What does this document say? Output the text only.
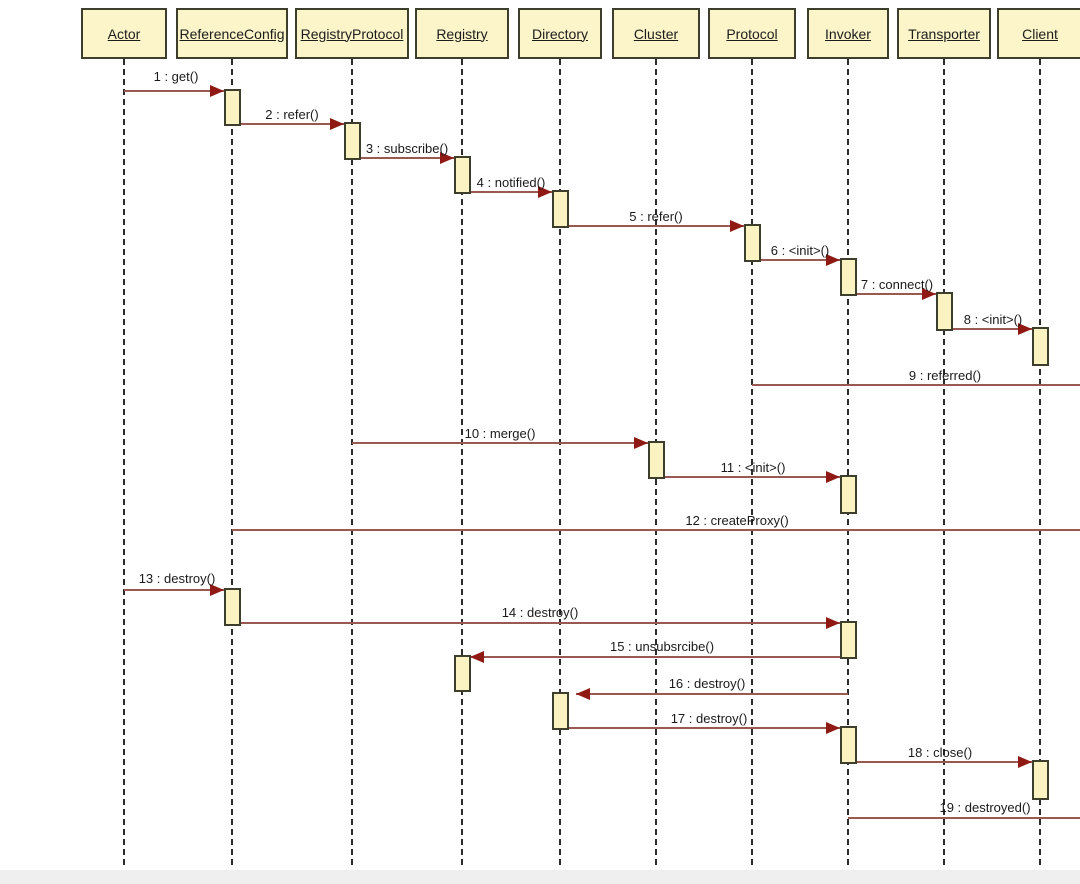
1 : get()
2 : refer()
3 : subscribe()
4 : notified()
5 : refer()
6 : <init>()
7 : connect()
8 : <init>()
9 : referred()
10 : merge()
11 : <init>()
12 : createProxy()
13 : destroy()
14 : destroy()
15 : unsubsrcibe()
16 : destroy()
17 : destroy()
18 : close()
19 : destroyed()
Actor	ReferenceConfig RegistryProtocol Registry	Directory	Cluster	Protocol	Invoker	Transporter	Client
